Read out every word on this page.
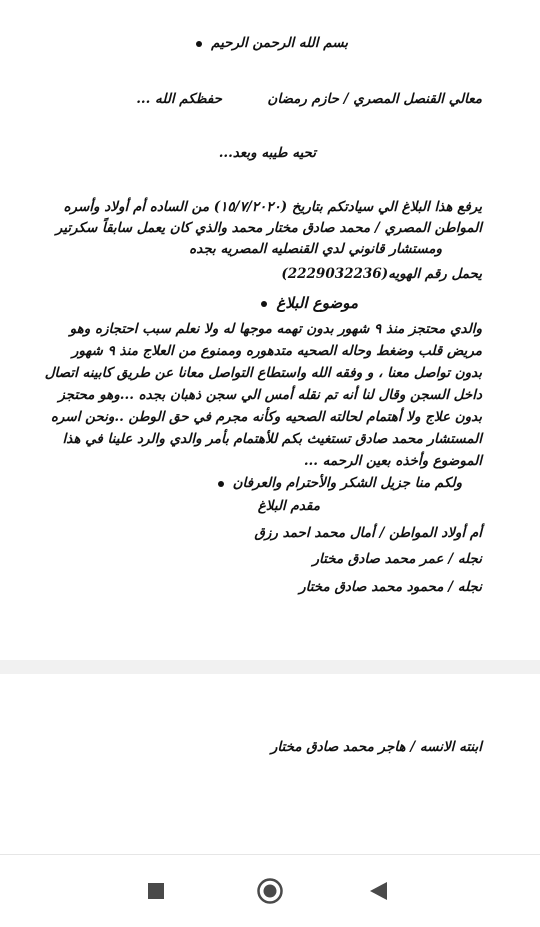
بسم الله الرحمن الرحيم
معالي القنصل المصري / حازم رمضان
حفظكم الله ...
تحيه طيبه وبعد...
يرفع هذا البلاغ الي سيادتكم بتاريخ (١٥/٧/٢٠٢٠) من الساده أم أولاد وأسره
المواطن المصري / محمد صادق مختار محمد والذي كان يعمل سابقاً سكرتير
ومستشار قانوني لدي القنصليه المصريه بجده
يحمل رقم الهويه(2229032236)
موضوع البلاغ
والدي محتجز منذ ٩ شهور بدون تهمه موجها له ولا نعلم سبب احتجازه وهو
مريض قلب وضغط وحاله الصحيه متدهوره وممنوع من العلاج منذ ٩ شهور
بدون تواصل معنا ، و وفقه الله واستطاع التواصل معانا عن طريق كابينه اتصال
داخل السجن وقال لنا أنه تم نقله أمس الي سجن ذهبان بجده ...وهو محتجز
بدون علاج ولا أهتمام لحالته الصحيه وكأنه مجرم في حق الوطن ..ونحن اسره
المستشار محمد صادق تستغيث بكم للأهتمام بأمر والدي والرد علينا في هذا
الموضوع وأخذه بعين الرحمه ...
ولكم منا جزيل الشكر والأحترام والعرفان
مقدم البلاغ
أم أولاد المواطن / أمال محمد احمد رزق
نجله / عمر محمد صادق مختار
نجله / محمود محمد صادق مختار
ابنته الانسه / هاجر محمد صادق مختار
